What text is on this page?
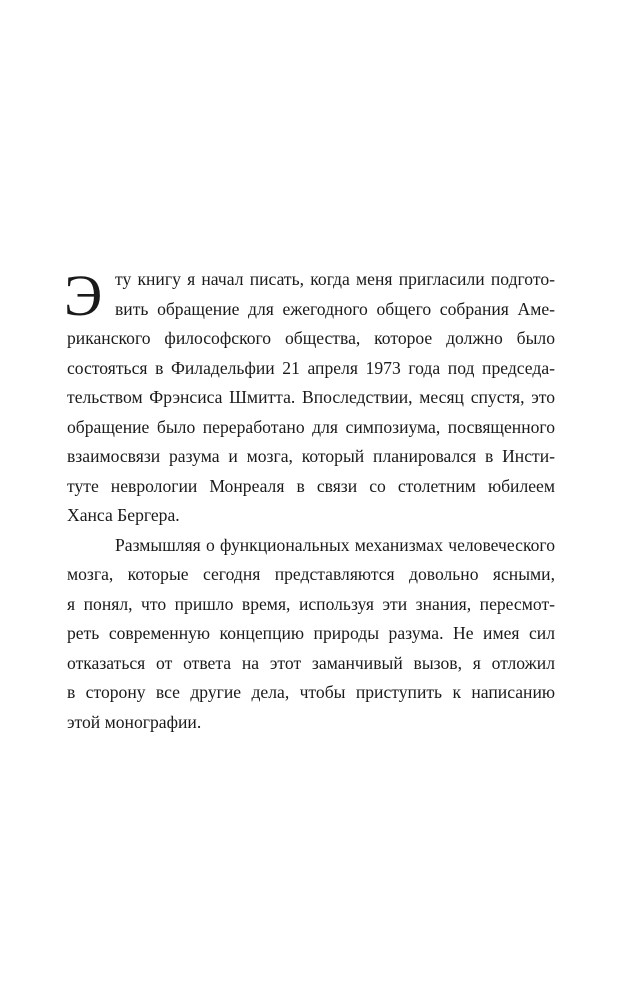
Э ту книгу я начал писать, когда меня пригласили подгото-
вить обращение для ежегодного общего собрания Аме-
риканского философского общества, которое должно было
состояться в Филадельфии 21 апреля 1973 года под председа-
тельством Фрэнсиса Шмитта. Впоследствии, месяц спустя, это
обращение было переработано для симпозиума, посвященного
взаимосвязи разума и мозга, который планировался в Инсти-
туте неврологии Монреаля в связи со столетним юбилеем
Ханса Бергера.
Размышляя о функциональных механизмах человеческого
мозга, которые сегодня представляются довольно ясными,
я понял, что пришло время, используя эти знания, пересмот-
реть современную концепцию природы разума. Не имея сил
отказаться от ответа на этот заманчивый вызов, я отложил
в сторону все другие дела, чтобы приступить к написанию
этой монографии.
